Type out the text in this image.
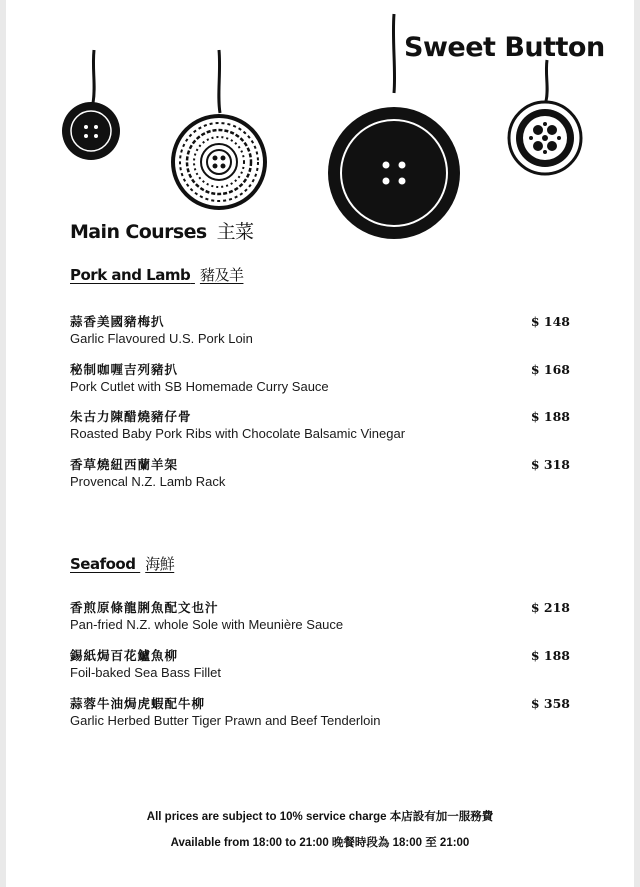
Sweet Button
Main Courses 主菜
Pork and Lamb 豬及羊
蒜香美國豬梅扒
Garlic Flavoured U.S. Pork Loin
$ 148
秘制咖喱吉列豬扒
Pork Cutlet with SB Homemade Curry Sauce
$ 168
朱古力陳醋燒豬仔骨
Roasted Baby Pork Ribs with Chocolate Balsamic Vinegar
$ 188
香草燒紐西蘭羊架
Provencal N.Z. Lamb Rack
$ 318
Seafood 海鮮
香煎原條龍脷魚配文也汁
Pan-fried N.Z. whole Sole with Meunière Sauce
$ 218
錫紙焗百花鱸魚柳
Foil-baked Sea Bass Fillet
$ 188
蒜蓉牛油焗虎蝦配牛柳
Garlic Herbed Butter Tiger Prawn and Beef Tenderloin
$ 358
All prices are subject to 10% service charge 本店設有加一服務費
Available from 18:00 to 21:00 晚餐時段為 18:00 至 21:00
